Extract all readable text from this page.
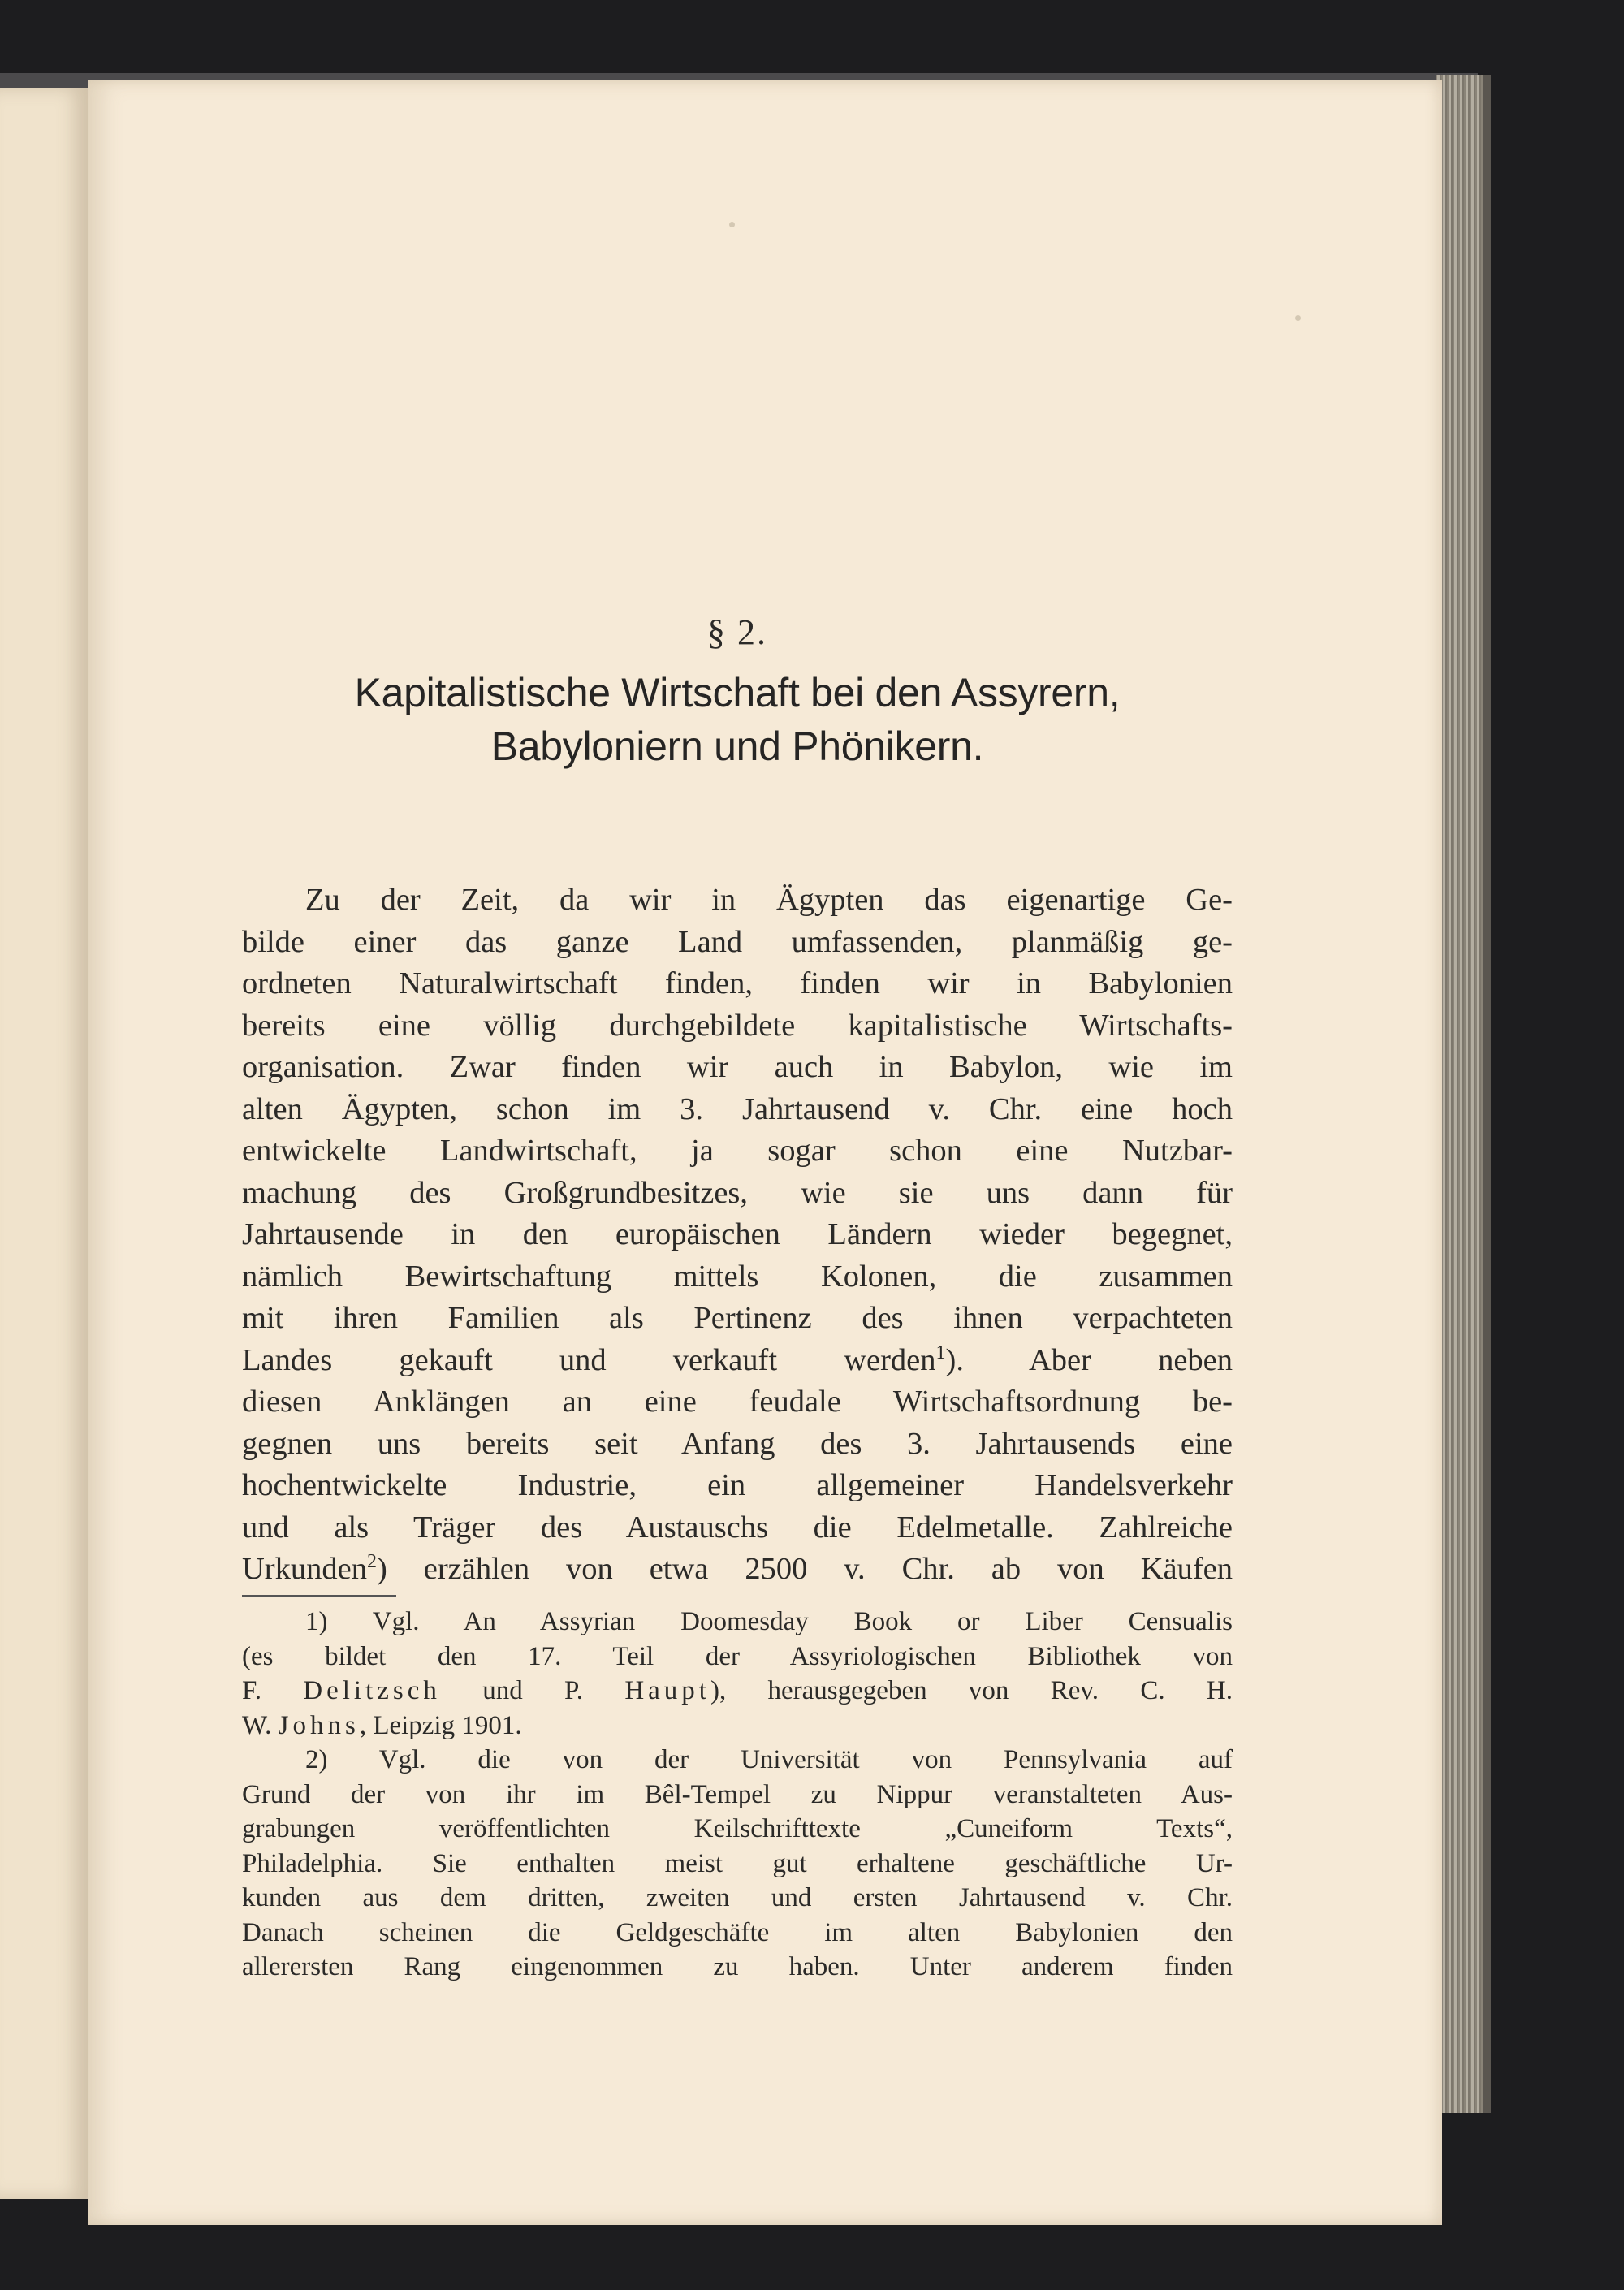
§ 2.
Kapitalistische Wirtschaft bei den Assyrern,
Babyloniern und Phönikern.
Zu der Zeit, da wir in Ägypten das eigenartige Ge-
bilde einer das ganze Land umfassenden, planmäßig ge-
ordneten Naturalwirtschaft finden, finden wir in Babylonien
bereits eine völlig durchgebildete kapitalistische Wirtschafts-
organisation. Zwar finden wir auch in Babylon, wie im
alten Ägypten, schon im 3. Jahrtausend v. Chr. eine hoch
entwickelte Landwirtschaft, ja sogar schon eine Nutzbar-
machung des Großgrundbesitzes, wie sie uns dann für
Jahrtausende in den europäischen Ländern wieder begegnet,
nämlich Bewirtschaftung mittels Kolonen, die zusammen
mit ihren Familien als Pertinenz des ihnen verpachteten
Landes gekauft und verkauft werden$^1$). Aber neben
diesen Anklängen an eine feudale Wirtschaftsordnung be-
gegnen uns bereits seit Anfang des 3. Jahrtausends eine
hochentwickelte Industrie, ein allgemeiner Handelsverkehr
und als Träger des Austauschs die Edelmetalle. Zahlreiche
Urkunden$^2$) erzählen von etwa 2500 v. Chr. ab von Käufen
1) Vgl. An Assyrian Doomesday Book or Liber Censualis
(es bildet den 17. Teil der Assyriologischen Bibliothek von
F. Delitzsch und P. Haupt), herausgegeben von Rev. C. H.
W. Johns, Leipzig 1901.
2) Vgl. die von der Universität von Pennsylvania auf
Grund der von ihr im Bêl-Tempel zu Nippur veranstalteten Aus-
grabungen veröffentlichten Keilschrifttexte „Cuneiform Texts“,
Philadelphia. Sie enthalten meist gut erhaltene geschäftliche Ur-
kunden aus dem dritten, zweiten und ersten Jahrtausend v. Chr.
Danach scheinen die Geldgeschäfte im alten Babylonien den
allerersten Rang eingenommen zu haben. Unter anderem finden
